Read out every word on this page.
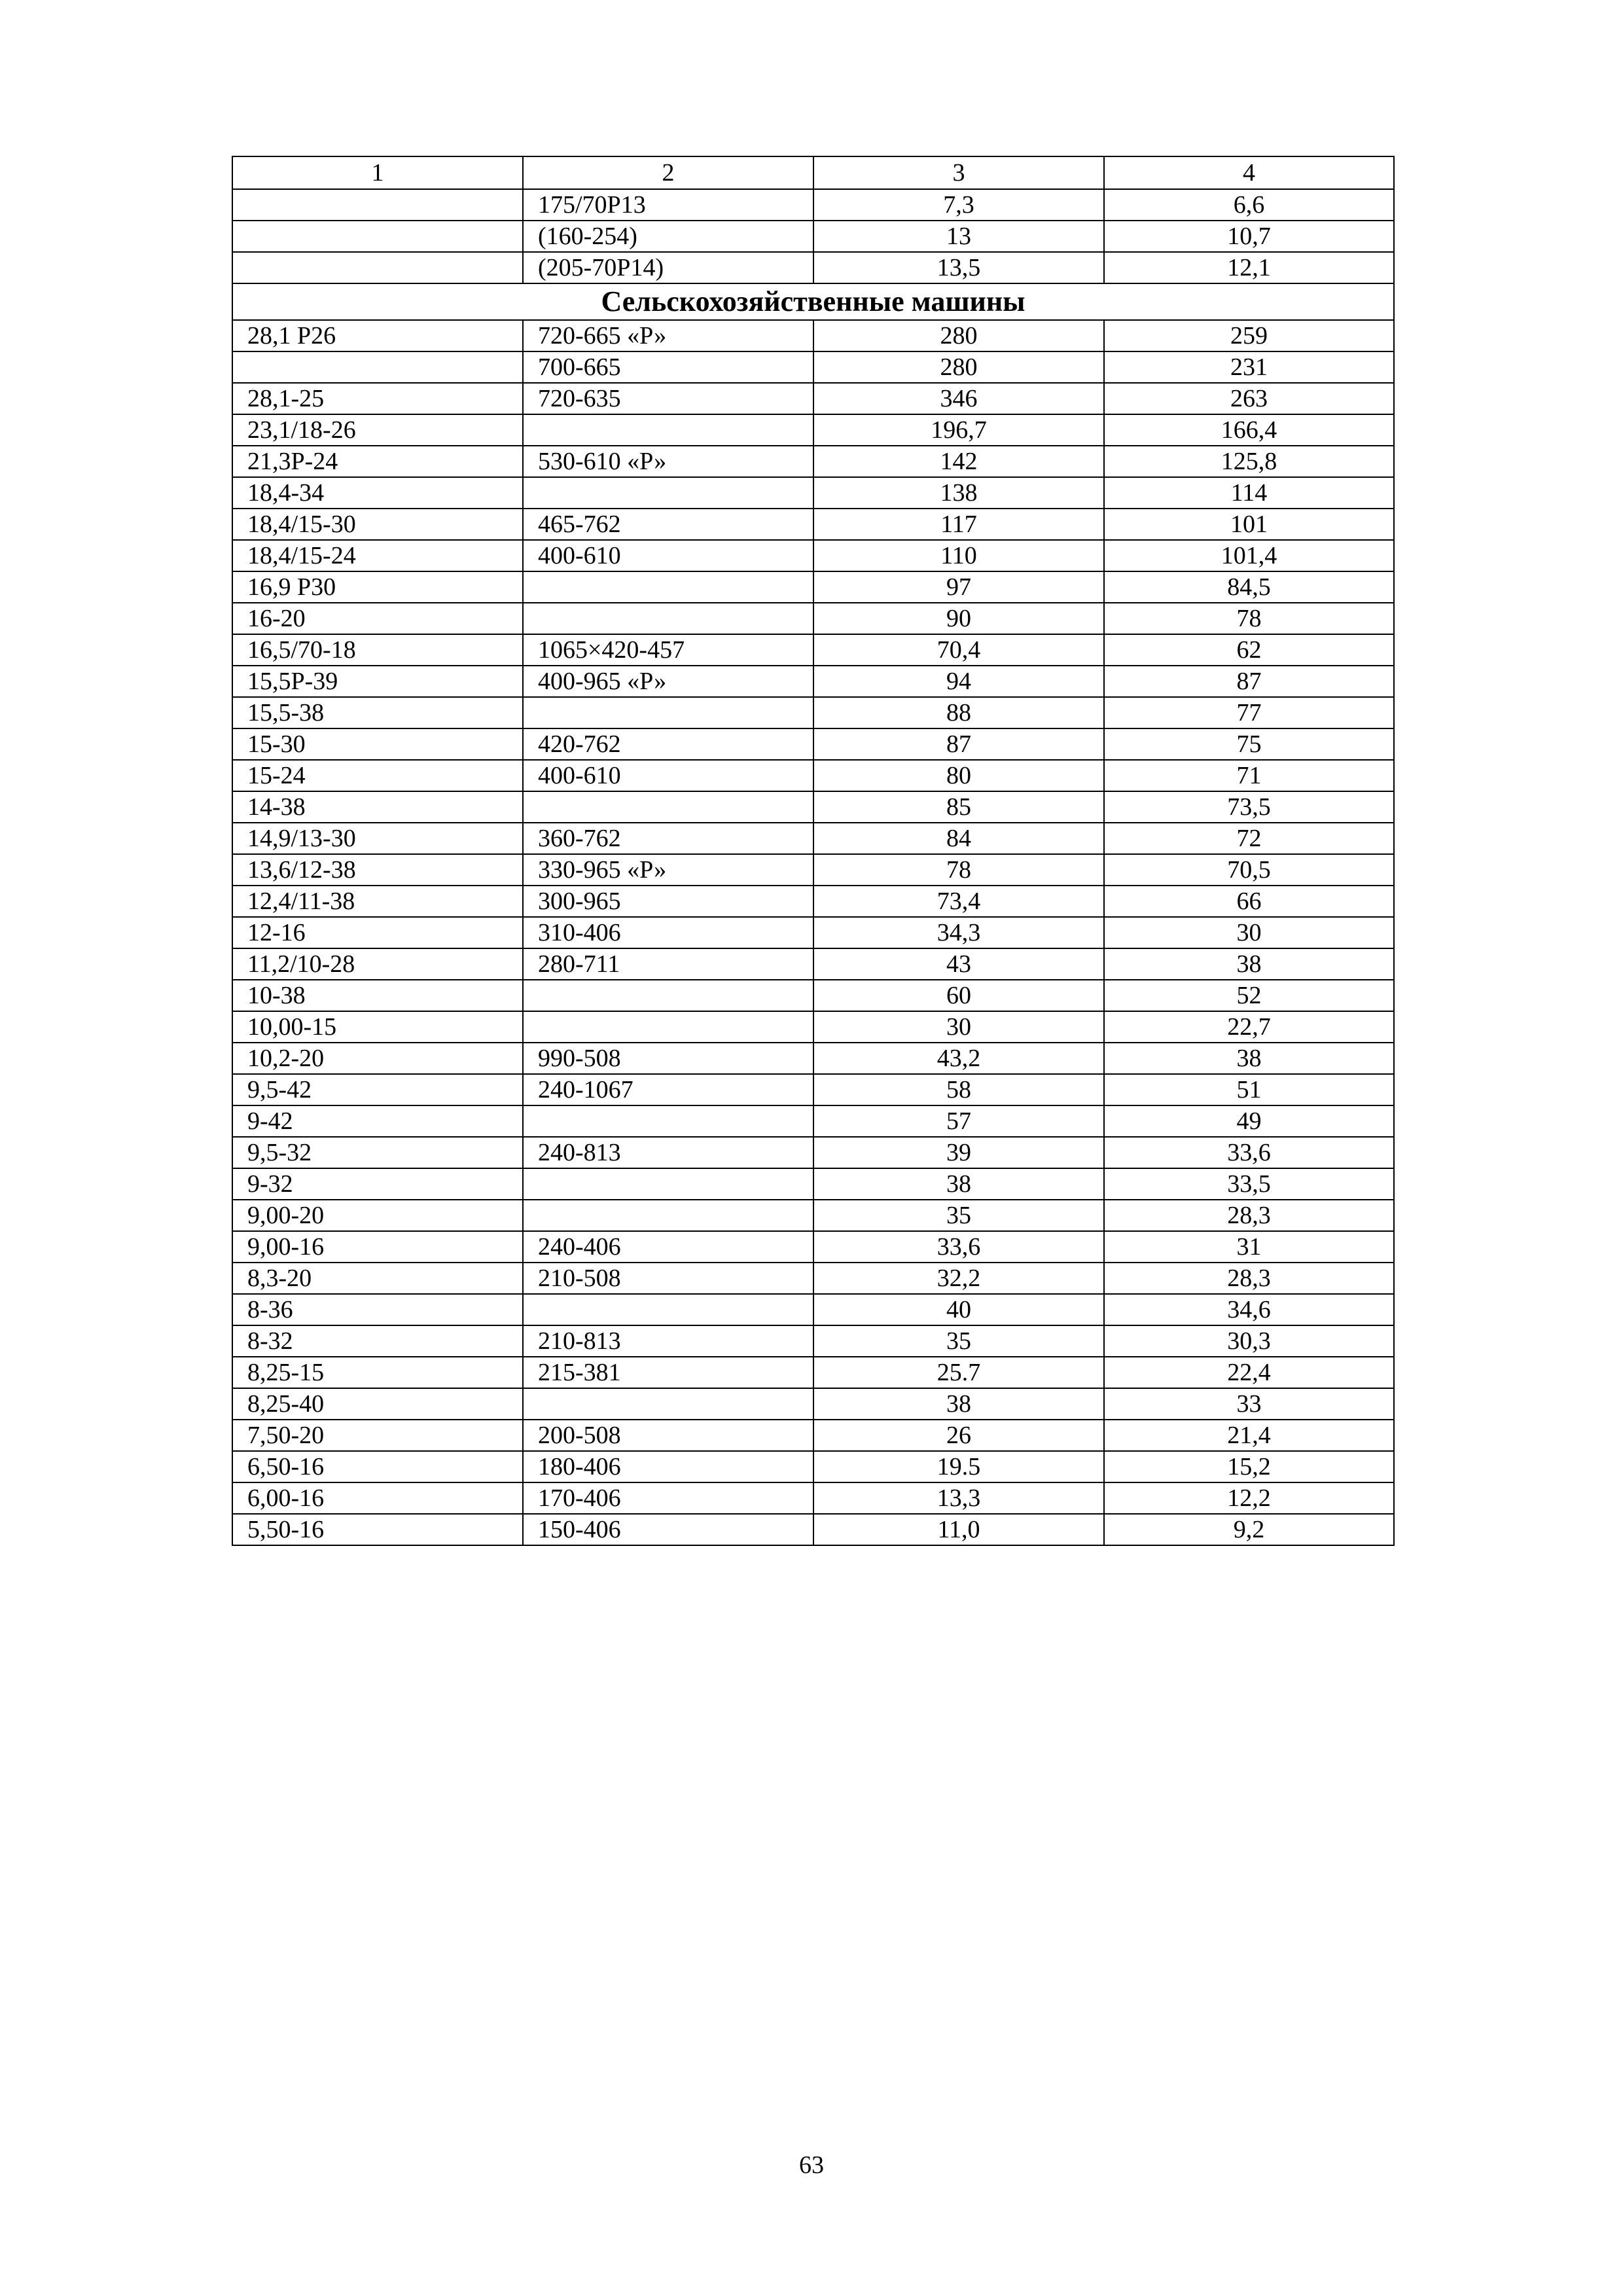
1	2	3	4
	175/70Р13	7,3	6,6
	(160-254)	13	10,7
	(205-70Р14)	13,5	12,1
Сельскохозяйственные машины			
28,1 Р26	720-665 «Р»	280	259
	700-665	280	231
28,1-25	720-635	346	263
23,1/18-26		196,7	166,4
21,3Р-24	530-610 «Р»	142	125,8
18,4-34		138	114
18,4/15-30	465-762	117	101
18,4/15-24	400-610	110	101,4
16,9 Р30		97	84,5
16-20		90	78
16,5/70-18	1065×420-457	70,4	62
15,5Р-39	400-965 «Р»	94	87
15,5-38		88	77
15-30	420-762	87	75
15-24	400-610	80	71
14-38		85	73,5
14,9/13-30	360-762	84	72
13,6/12-38	330-965 «Р»	78	70,5
12,4/11-38	300-965	73,4	66
12-16	310-406	34,3	30
11,2/10-28	280-711	43	38
10-38		60	52
10,00-15		30	22,7
10,2-20	990-508	43,2	38
9,5-42	240-1067	58	51
9-42		57	49
9,5-32	240-813	39	33,6
9-32		38	33,5
9,00-20		35	28,3
9,00-16	240-406	33,6	31
8,3-20	210-508	32,2	28,3
8-36		40	34,6
8-32	210-813	35	30,3
8,25-15	215-381	25.7	22,4
8,25-40		38	33
7,50-20	200-508	26	21,4
6,50-16	180-406	19.5	15,2
6,00-16	170-406	13,3	12,2
5,50-16	150-406	11,0	9,2
63
